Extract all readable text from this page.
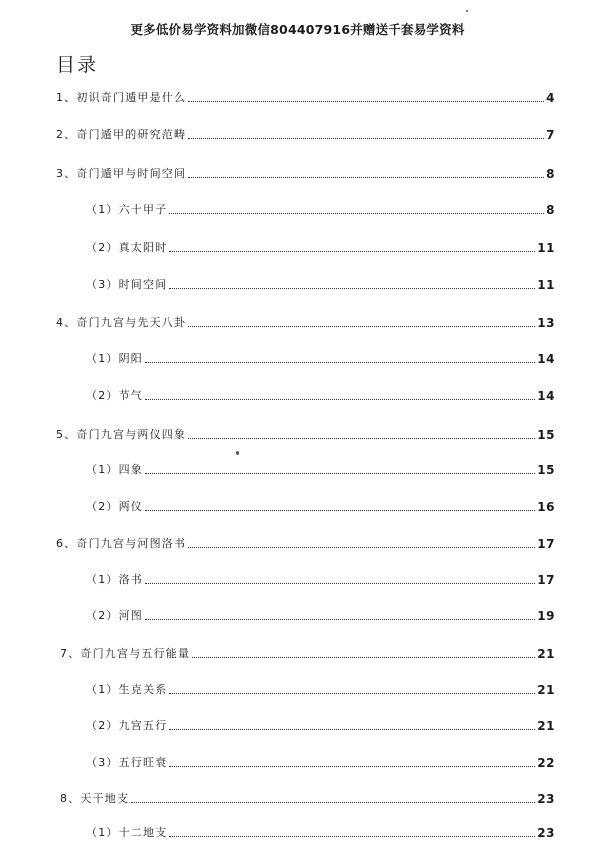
更多低价易学资料加微信804407916并赠送千套易学资料
目录
1、初识奇门遁甲是什么	4
2、奇门遁甲的研究范畴	7
3、奇门遁甲与时间空间	8
（1）六十甲子	8
（2）真太阳时	11
（3）时间空间	11
4、奇门九宫与先天八卦	13
（1）阴阳	14
（2）节气	14
5、奇门九宫与两仪四象	15
（1）四象	15
（2）两仪	16
6、奇门九宫与河图洛书	17
（1）洛书	17
（2）河图	19
7、奇门九宫与五行能量	21
（1）生克关系	21
（2）九宫五行	21
（3）五行旺衰	22
8、天干地支	23
（1）十二地支	23
